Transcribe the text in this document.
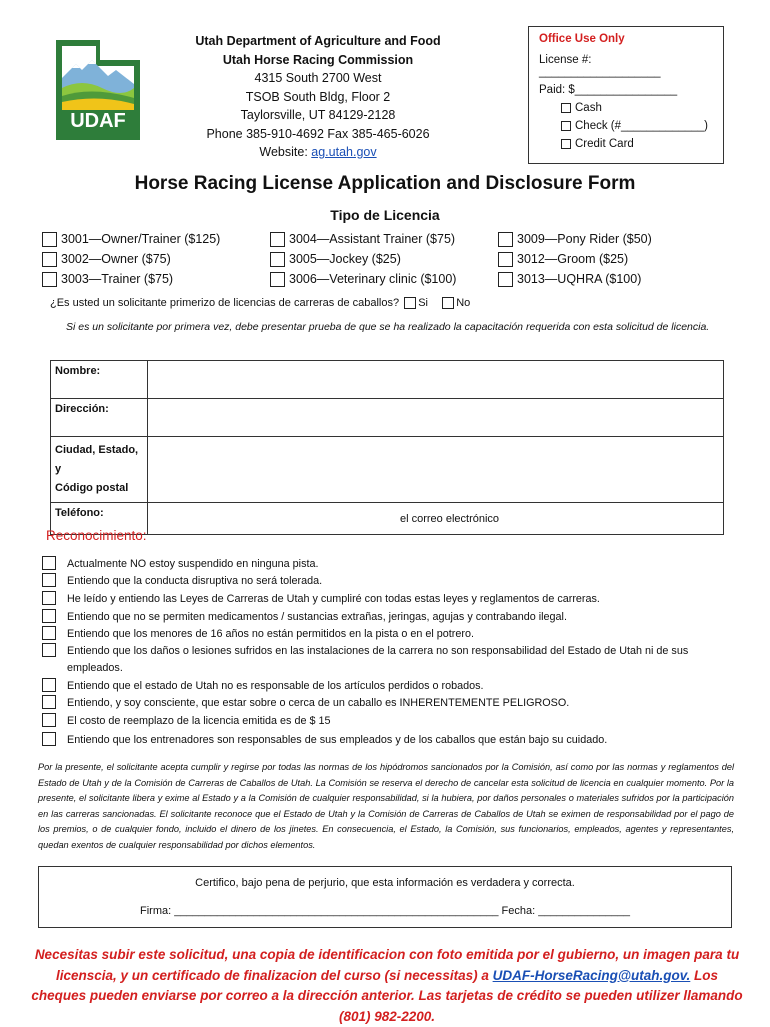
UDAF
Utah Department of Agriculture and Food
Utah Horse Racing Commission
4315 South 2700 West
TSOB South Bldg, Floor 2
Taylorsville, UT 84129-2128
Phone 385-910-4692 Fax 385-465-6026
Website: ag.utah.gov
Office Use Only
License #: ___________________
Paid: $________________
Cash
Check (#_____________)
Credit Card
Horse Racing License Application and Disclosure Form
Tipo de Licencia
3001—Owner/Trainer ($125)
3002—Owner ($75)
3003—Trainer ($75)
3004—Assistant Trainer ($75)
3005—Jockey ($25)
3006—Veterinary clinic ($100)
3009—Pony Rider ($50)
3012—Groom ($25)
3013—UQHRA ($100)
¿Es usted un solicitante primerizo de licencias de carreras de caballos? Si	No
Si es un solicitante por primera vez, debe presentar prueba de que se ha realizado la capacitación requerida con esta solicitud de licencia.
Nombre:	
Dirección:	

Ciudad, Estado, y
Código postal	

Teléfono:	el correo electrónico
Reconocimiento:
Actualmente NO estoy suspendido en ninguna pista.
Entiendo que la conducta disruptiva no será tolerada.
He leído y entiendo las Leyes de Carreras de Utah y cumpliré con todas estas leyes y reglamentos de carreras.
Entiendo que no se permiten medicamentos / sustancias extrañas, jeringas, agujas y contrabando ilegal.
Entiendo que los menores de 16 años no están permitidos en la pista o en el potrero.
Entiendo que los daños o lesiones sufridos en las instalaciones de la carrera no son responsabilidad del Estado de Utah ni de sus empleados.
Entiendo que el estado de Utah no es responsable de los artículos perdidos o robados.
Entiendo, y soy consciente, que estar sobre o cerca de un caballo es INHERENTEMENTE PELIGROSO.
El costo de reemplazo de la licencia emitida es de $ 15
Entiendo que los entrenadores son responsables de sus empleados y de los caballos que están bajo su cuidado.
Por la presente, el solicitante acepta cumplir y regirse por todas las normas de los hipódromos sancionados por la Comisión, así como por las normas y reglamentos del Estado de Utah y de la Comisión de Carreras de Caballos de Utah. La Comisión se reserva el derecho de cancelar esta solicitud de licencia en cualquier momento. Por la presente, el solicitante libera y exime al Estado y a la Comisión de cualquier responsabilidad, si la hubiera, por daños personales o materiales sufridos por la participación en las carreras sancionadas. El solicitante reconoce que el Estado de Utah y la Comisión de Carreras de Caballos de Utah se eximen de responsabilidad por el pago de los premios, o de cualquier fondo, incluido el dinero de los jinetes. En consecuencia, el Estado, la Comisión, sus funcionarios, empleados, agentes y representantes, quedan exentos de cualquier responsabilidad por dichos elementos.
Certifico, bajo pena de perjurio, que esta información es verdadera y correcta.
Firma: _____________________________________________________ Fecha: _______________
Necesitas subir este solicitud, una copia de identificacion con foto emitida por el gubierno, un imagen para tu licenscia, y un certificado de finalizacion del curso (si necessitas) a UDAF-HorseRacing@utah.gov. Los cheques pueden enviarse por correo a la dirección anterior. Las tarjetas de crédito se pueden utilizer llamando (801) 982-2200.
